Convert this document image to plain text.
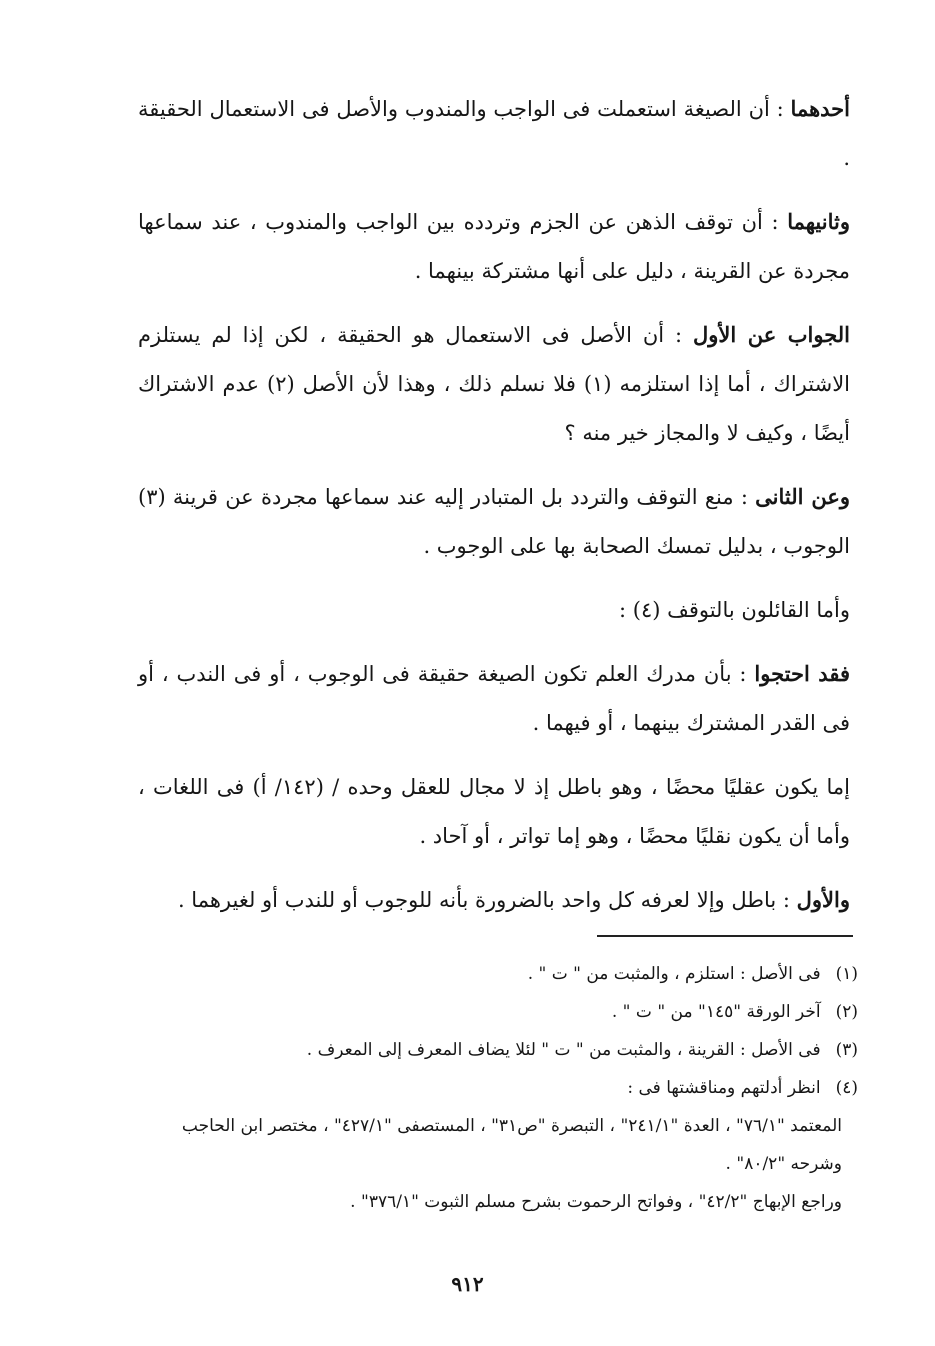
أحدهما : أن الصيغة استعملت فى الواجب والمندوب والأصل فى الاستعمال الحقيقة .

وثانيهما : أن توقف الذهن عن الجزم وتردده بين الواجب والمندوب ، عند سماعها مجردة عن القرينة ، دليل على أنها مشتركة بينهما .

الجواب عن الأول : أن الأصل فى الاستعمال هو الحقيقة ، لكن إذا لم يستلزم الاشتراك ، أما إذا استلزمه (١) فلا نسلم ذلك ، وهذا لأن الأصل (٢) عدم الاشتراك أيضًا ، وكيف لا والمجاز خير منه ؟

وعن الثانى : منع التوقف والتردد بل المتبادر إليه عند سماعها مجردة عن قرينة (٣) الوجوب ، بدليل تمسك الصحابة بها على الوجوب .

وأما القائلون بالتوقف (٤) :

فقد احتجوا : بأن مدرك العلم تكون الصيغة حقيقة فى الوجوب ، أو فى الندب ، أو فى القدر المشترك بينهما ، أو فيهما .

إما يكون عقليًا محضًا ، وهو باطل إذ لا مجال للعقل وحده / (١٤٢/ أ) فى اللغات ، وأما أن يكون نقليًا محضًا ، وهو إما تواتر ، أو آحاد .

والأول : باطل وإلا لعرفه كل واحد بالضرورة بأنه للوجوب أو للندب أو لغيرهما .

(١) فى الأصل : استلزم ، والمثبت من " ت " .

(٢) آخر الورقة "١٤٥" من " ت " .

(٣) فى الأصل : القرينة ، والمثبت من " ت " لئلا يضاف المعرف إلى المعرف .

(٤) انظر أدلتهم ومناقشتها فى :

المعتمد "٧٦/١" ، العدة "٢٤١/١" ، التبصرة "ص٣١" ، المستصفى "٤٢٧/١" ، مختصر ابن الحاجب وشرحه "٨٠/٢" .

وراجع الإبهاج "٤٢/٢" ، وفواتح الرحموت بشرح مسلم الثبوت "٣٧٦/١" .

٩١٢
